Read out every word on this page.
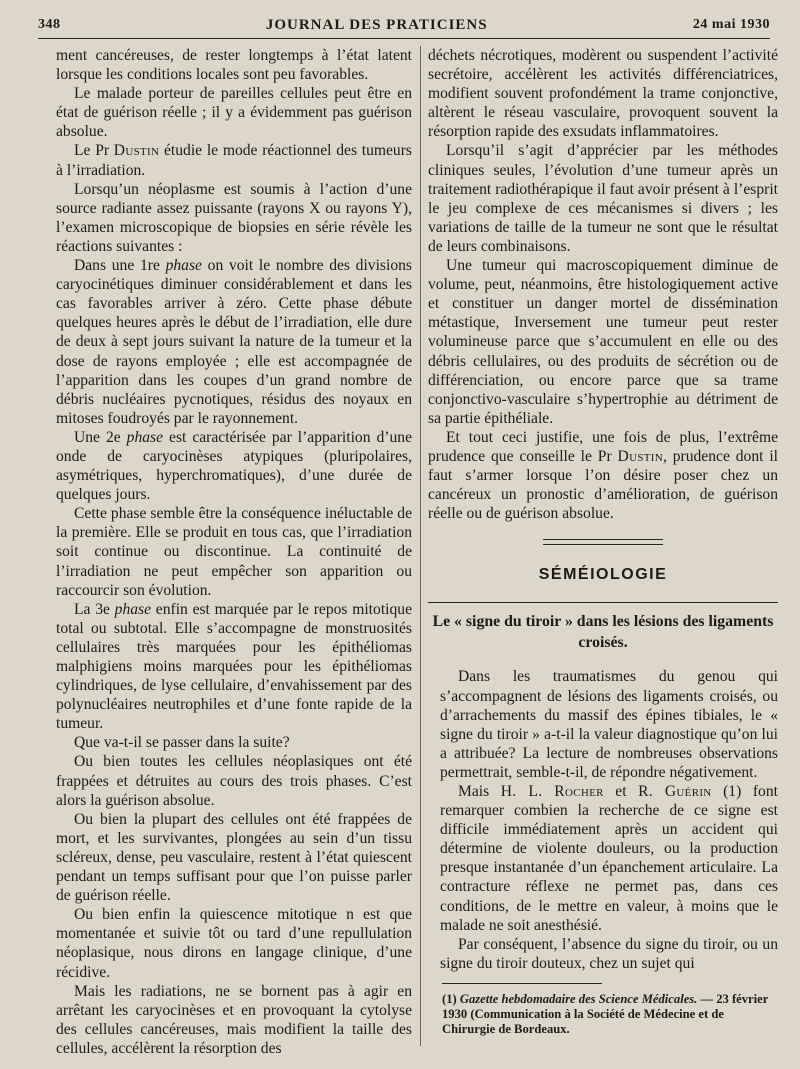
348	JOURNAL DES PRATICIENS	24 mai 1930

ment cancéreuses, de rester longtemps à l’état latent lorsque les conditions locales sont peu favorables.

Le malade porteur de pareilles cellules peut être en état de guérison réelle ; il y a évidemment pas guérison absolue.

Le Pr Dustin étudie le mode réactionnel des tumeurs à l’irradiation.

Lorsqu’un néoplasme est soumis à l’action d’une source radiante assez puissante (rayons X ou rayons Y), l’examen microscopique de biopsies en série révèle les réactions suivantes :

Dans une 1re phase on voit le nombre des divisions caryocinétiques diminuer considérablement et dans les cas favorables arriver à zéro. Cette phase débute quelques heures après le début de l’irradiation, elle dure de deux à sept jours suivant la nature de la tumeur et la dose de rayons employée ; elle est accompagnée de l’apparition dans les coupes d’un grand nombre de débris nucléaires pycnotiques, résidus des noyaux en mitoses foudroyés par le rayonnement.

Une 2e phase est caractérisée par l’apparition d’une onde de caryocinèses atypiques (pluripolaires, asymétriques, hyperchromatiques), d’une durée de quelques jours.

Cette phase semble être la conséquence inéluctable de la première. Elle se produit en tous cas, que l’irradiation soit continue ou discontinue. La continuité de l’irradiation ne peut empêcher son apparition ou raccourcir son évolution.

La 3e phase enfin est marquée par le repos mitotique total ou subtotal. Elle s’accompagne de monstruosités cellulaires très marquées pour les épithéliomas malphigiens moins marquées pour les épithéliomas cylindriques, de lyse cellulaire, d’envahissement par des polynucléaires neutrophiles et d’une fonte rapide de la tumeur.

Que va-t-il se passer dans la suite?

Ou bien toutes les cellules néoplasiques ont été frappées et détruites au cours des trois phases. C’est alors la guérison absolue.

Ou bien la plupart des cellules ont été frappées de mort, et les survivantes, plongées au sein d’un tissu scléreux, dense, peu vasculaire, restent à l’état quiescent pendant un temps suffisant pour que l’on puisse parler de guérison réelle.

Ou bien enfin la quiescence mitotique n est que momentanée et suivie tôt ou tard d’une repullulation néoplasique, nous dirons en langage clinique, d’une récidive.

Mais les radiations, ne se bornent pas à agir en arrêtant les caryocinèses et en provoquant la cytolyse des cellules cancéreuses, mais modifient la taille des cellules, accélèrent la résorption des

déchets nécrotiques, modèrent ou suspendent l’activité secrétoire, accélèrent les activités différenciatrices, modifient souvent profondément la trame conjonctive, altèrent le réseau vasculaire, provoquent souvent la résorption rapide des exsudats inflammatoires.

Lorsqu’il s’agit d’apprécier par les méthodes cliniques seules, l’évolution d’une tumeur après un traitement radiothérapique il faut avoir présent à l’esprit le jeu complexe de ces mécanismes si divers ; les variations de taille de la tumeur ne sont que le résultat de leurs combinaisons.

Une tumeur qui macroscopiquement diminue de volume, peut, néanmoins, être histologiquement active et constituer un danger mortel de dissémination métastique, Inversement une tumeur peut rester volumineuse parce que s’accumulent en elle ou des débris cellulaires, ou des produits de sécrétion ou de différenciation, ou encore parce que sa trame conjonctivo-vasculaire s’hypertrophie au détriment de sa partie épithéliale.

Et tout ceci justifie, une fois de plus, l’extrême prudence que conseille le Pr Dustin, prudence dont il faut s’armer lorsque l’on désire poser chez un cancéreux un pronostic d’amélioration, de guérison réelle ou de guérison absolue.

SÉMÉIOLOGIE
Le « signe du tiroir » dans les lésions des ligaments croisés.

Dans les traumatismes du genou qui s’accompagnent de lésions des ligaments croisés, ou d’arrachements du massif des épines tibiales, le « signe du tiroir » a-t-il la valeur diagnostique qu’on lui a attribuée? La lecture de nombreuses observations permettrait, semble-t-il, de répondre négativement.

Mais H. L. Rocher et R. Guérin (1) font remarquer combien la recherche de ce signe est difficile immédiatement après un accident qui détermine de violente douleurs, ou la production presque instantanée d’un épanchement articulaire. La contracture réflexe ne permet pas, dans ces conditions, de le mettre en valeur, à moins que le malade ne soit anesthésié.

Par conséquent, l’absence du signe du tiroir, ou un signe du tiroir douteux, chez un sujet qui

(1) Gazette hebdomadaire des Science Médicales. — 23 février 1930 (Communication à la Société de Médecine et de Chirurgie de Bordeaux.
